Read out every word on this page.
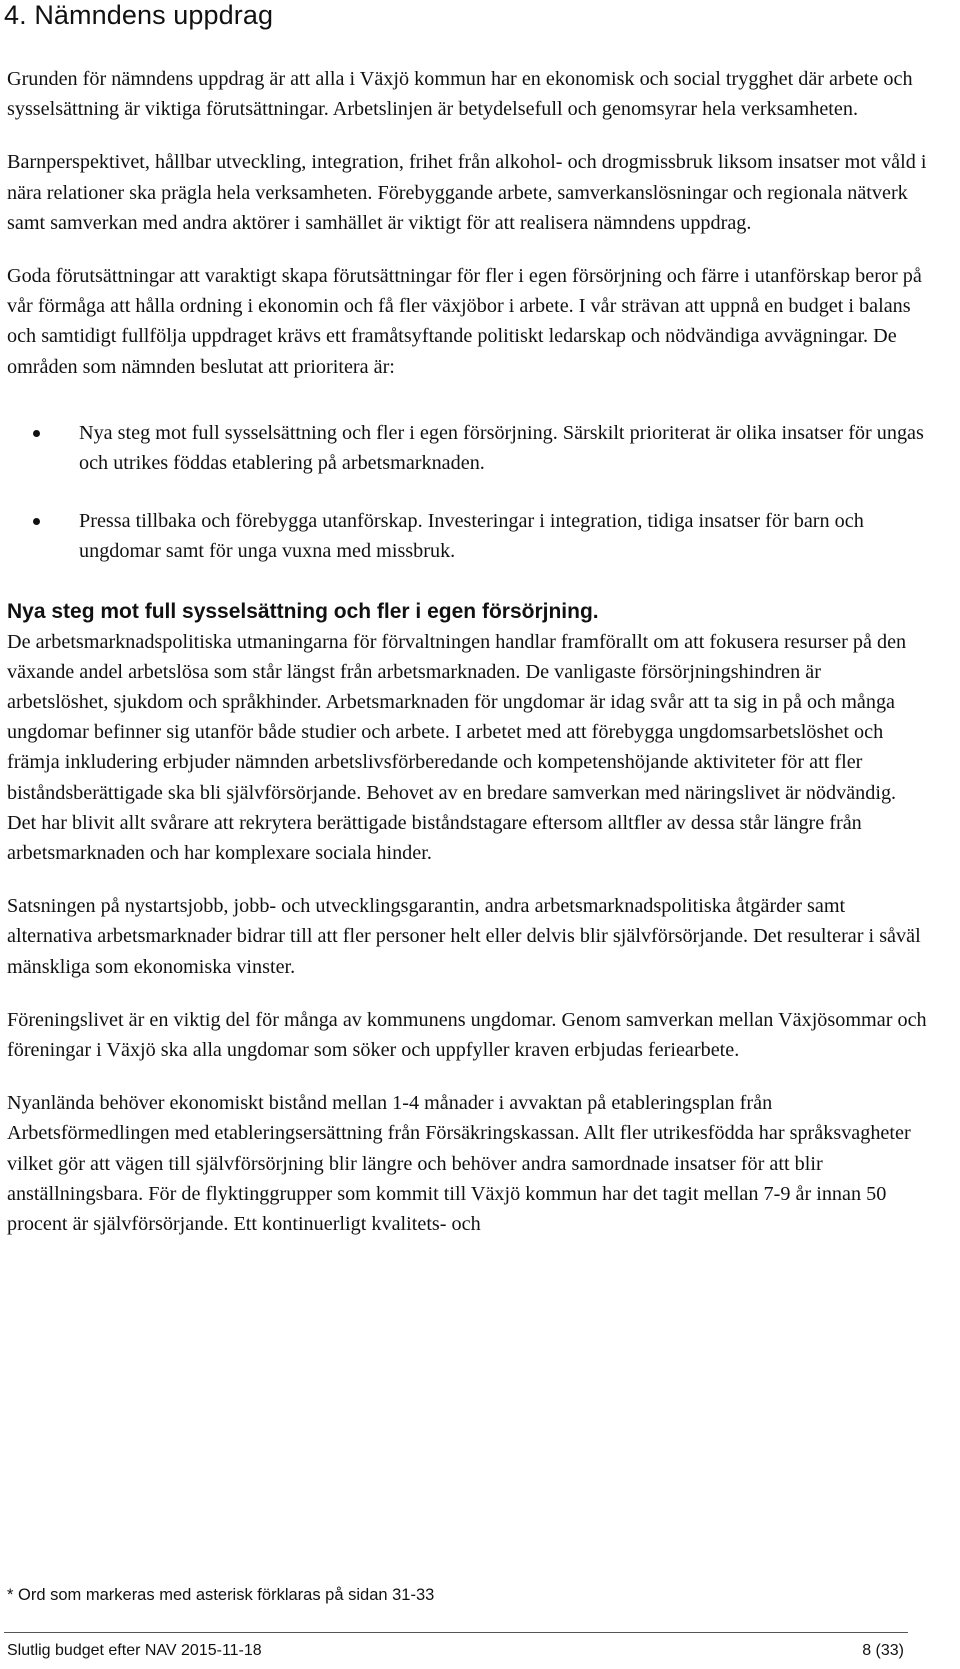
4. Nämndens uppdrag

Grunden för nämndens uppdrag är att alla i Växjö kommun har en ekonomisk och social trygghet där arbete och sysselsättning är viktiga förutsättningar. Arbetslinjen är betydelsefull och genomsyrar hela verksamheten.

Barnperspektivet, hållbar utveckling, integration, frihet från alkohol- och drogmissbruk liksom insatser mot våld i nära relationer ska prägla hela verksamheten. Förebyggande arbete, samverkanslösningar och regionala nätverk samt samverkan med andra aktörer i samhället är viktigt för att realisera nämndens uppdrag.

Goda förutsättningar att varaktigt skapa förutsättningar för fler i egen försörjning och färre i utanförskap beror på vår förmåga att hålla ordning i ekonomin och få fler växjöbor i arbete. I vår strävan att uppnå en budget i balans och samtidigt fullfölja uppdraget krävs ett framåtsyftande politiskt ledarskap och nödvändiga avvägningar. De områden som nämnden beslutat att prioritera är:

Nya steg mot full sysselsättning och fler i egen försörjning. Särskilt prioriterat är olika insatser för ungas och utrikes föddas etablering på arbetsmarknaden.
Pressa tillbaka och förebygga utanförskap. Investeringar i integration, tidiga insatser för barn och ungdomar samt för unga vuxna med missbruk.
Nya steg mot full sysselsättning och fler i egen försörjning.

De arbetsmarknadspolitiska utmaningarna för förvaltningen handlar framförallt om att fokusera resurser på den växande andel arbetslösa som står längst från arbetsmarknaden. De vanligaste försörjningshindren är arbetslöshet, sjukdom och språkhinder. Arbetsmarknaden för ungdomar är idag svår att ta sig in på och många ungdomar befinner sig utanför både studier och arbete. I arbetet med att förebygga ungdomsarbetslöshet och främja inkludering erbjuder nämnden arbetslivsförberedande och kompetenshöjande aktiviteter för att fler biståndsberättigade ska bli självförsörjande. Behovet av en bredare samverkan med näringslivet är nödvändig. Det har blivit allt svårare att rekrytera berättigade biståndstagare eftersom alltfler av dessa står längre från arbetsmarknaden och har komplexare sociala hinder.

Satsningen på nystartsjobb, jobb- och utvecklingsgarantin, andra arbetsmarknadspolitiska åtgärder samt alternativa arbetsmarknader bidrar till att fler personer helt eller delvis blir självförsörjande. Det resulterar i såväl mänskliga som ekonomiska vinster.

Föreningslivet är en viktig del för många av kommunens ungdomar. Genom samverkan mellan Växjösommar och föreningar i Växjö ska alla ungdomar som söker och uppfyller kraven erbjudas feriearbete.

Nyanlända behöver ekonomiskt bistånd mellan 1-4 månader i avvaktan på etableringsplan från Arbetsförmedlingen med etableringsersättning från Försäkringskassan. Allt fler utrikesfödda har språksvagheter vilket gör att vägen till självförsörjning blir längre och behöver andra samordnade insatser för att blir anställningsbara. För de flyktinggrupper som kommit till Växjö kommun har det tagit mellan 7-9 år innan 50 procent är självförsörjande. Ett kontinuerligt kvalitets- och

* Ord som markeras med asterisk förklaras på sidan 31-33
Slutlig budget efter NAV 2015-11-18	8 (33)
